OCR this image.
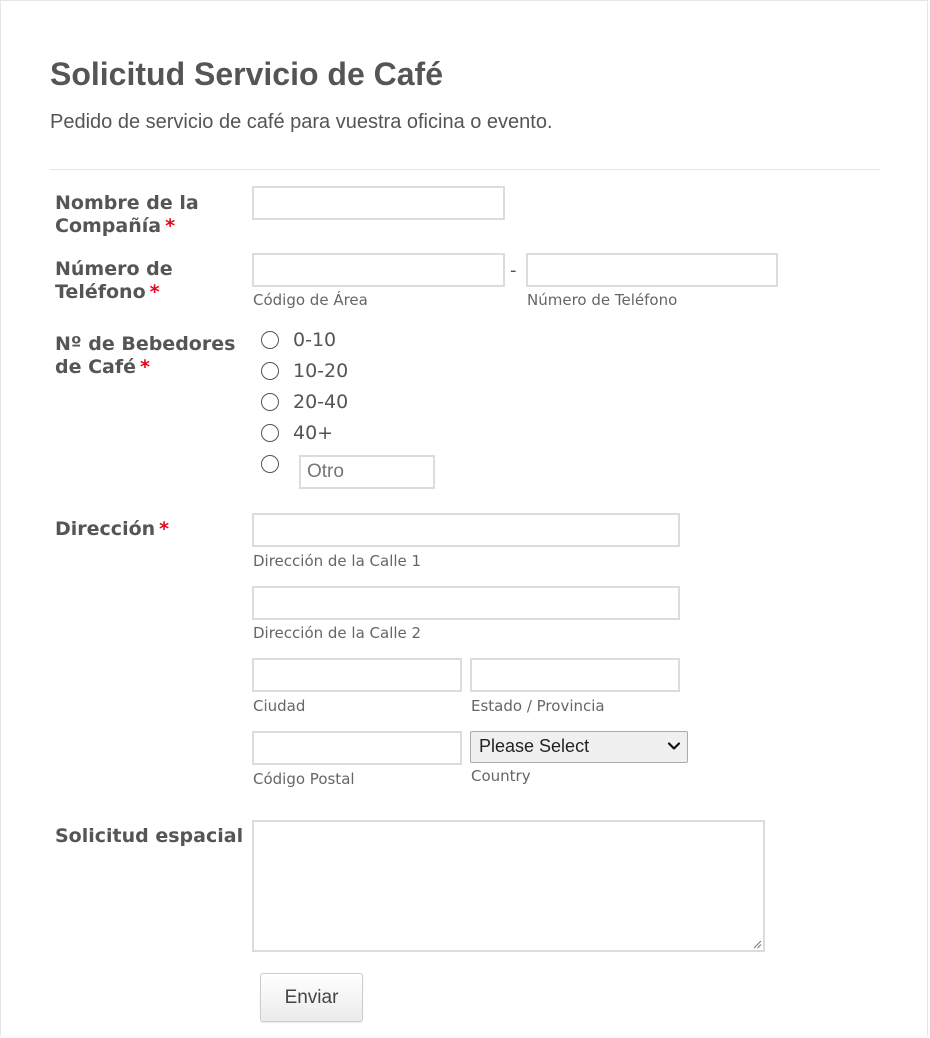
Solicitud Servicio de Café

Pedido de servicio de café para vuestra oficina o evento.

Nombre de la
Compañía *
Número de
Teléfono *
-
Código de Área	Número de Teléfono
Nº de Bebedores
de Café *
0-10
10-20
20-40
40+
Otro
Dirección *
Dirección de la Calle 1
Dirección de la Calle 2
Ciudad	Estado / Provincia
Código Postal
Please Select
Country
Solicitud espacial
Enviar
